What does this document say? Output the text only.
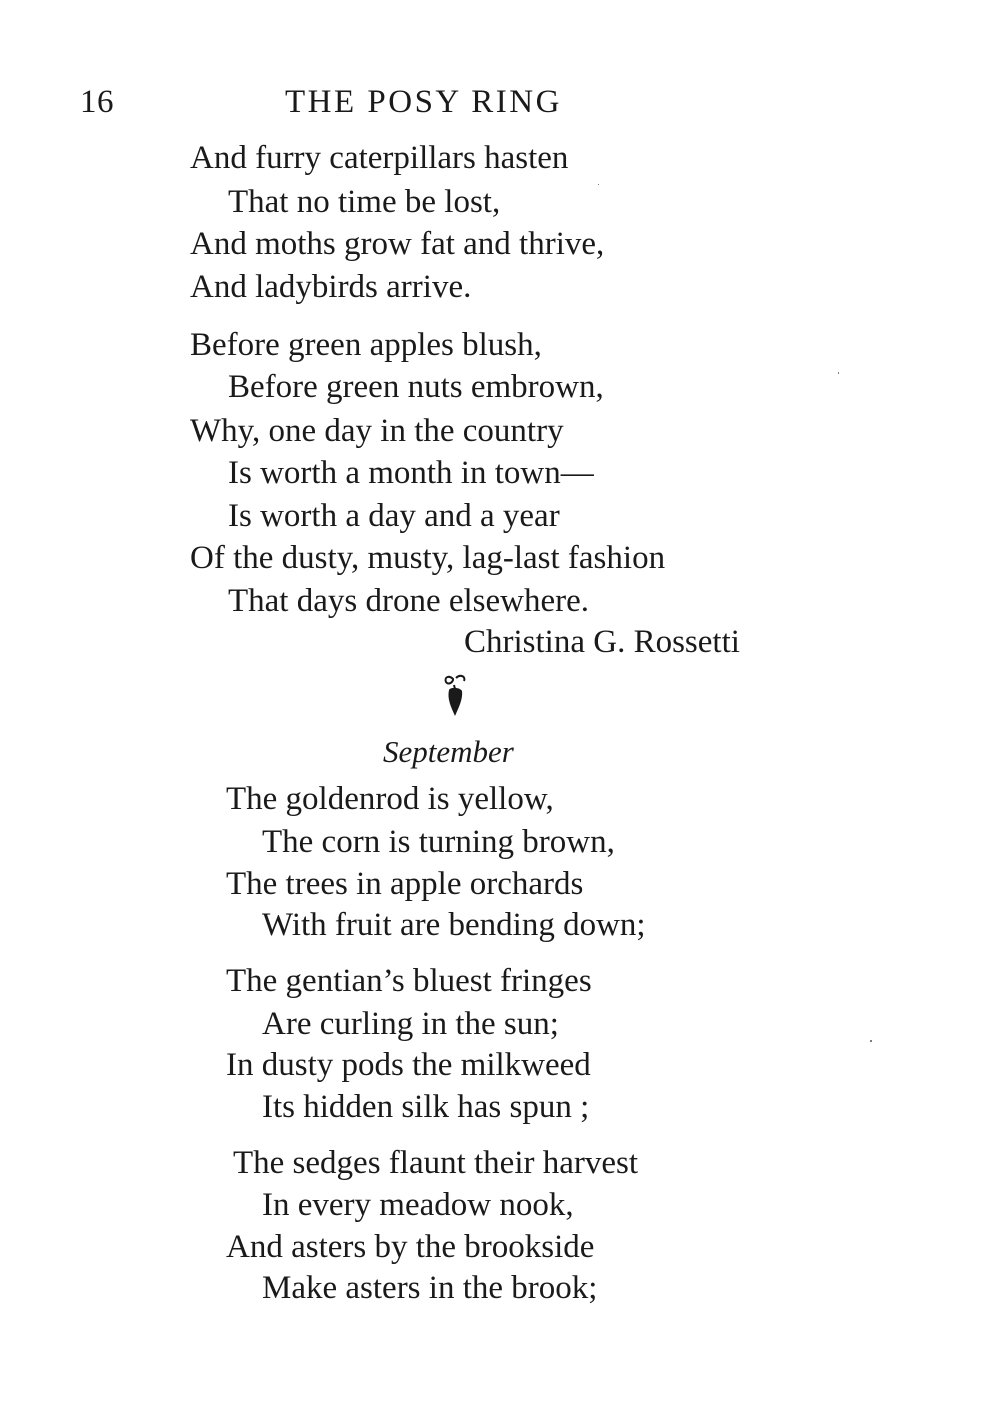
16	THE POSY RING
And furry caterpillars hasten
That no time be lost,
And moths grow fat and thrive,
And ladybirds arrive.
Before green apples blush,
Before green nuts embrown,
Why, one day in the country
Is worth a month in town—
Is worth a day and a year
Of the dusty, musty, lag-last fashion
That days drone elsewhere.
Christina G. Rossetti
September
The goldenrod is yellow,
The corn is turning brown,
The trees in apple orchards
With fruit are bending down;
The gentian’s bluest fringes
Are curling in the sun;
In dusty pods the milkweed
Its hidden silk has spun ;
The sedges flaunt their harvest
In every meadow nook,
And asters by the brookside
Make asters in the brook;
